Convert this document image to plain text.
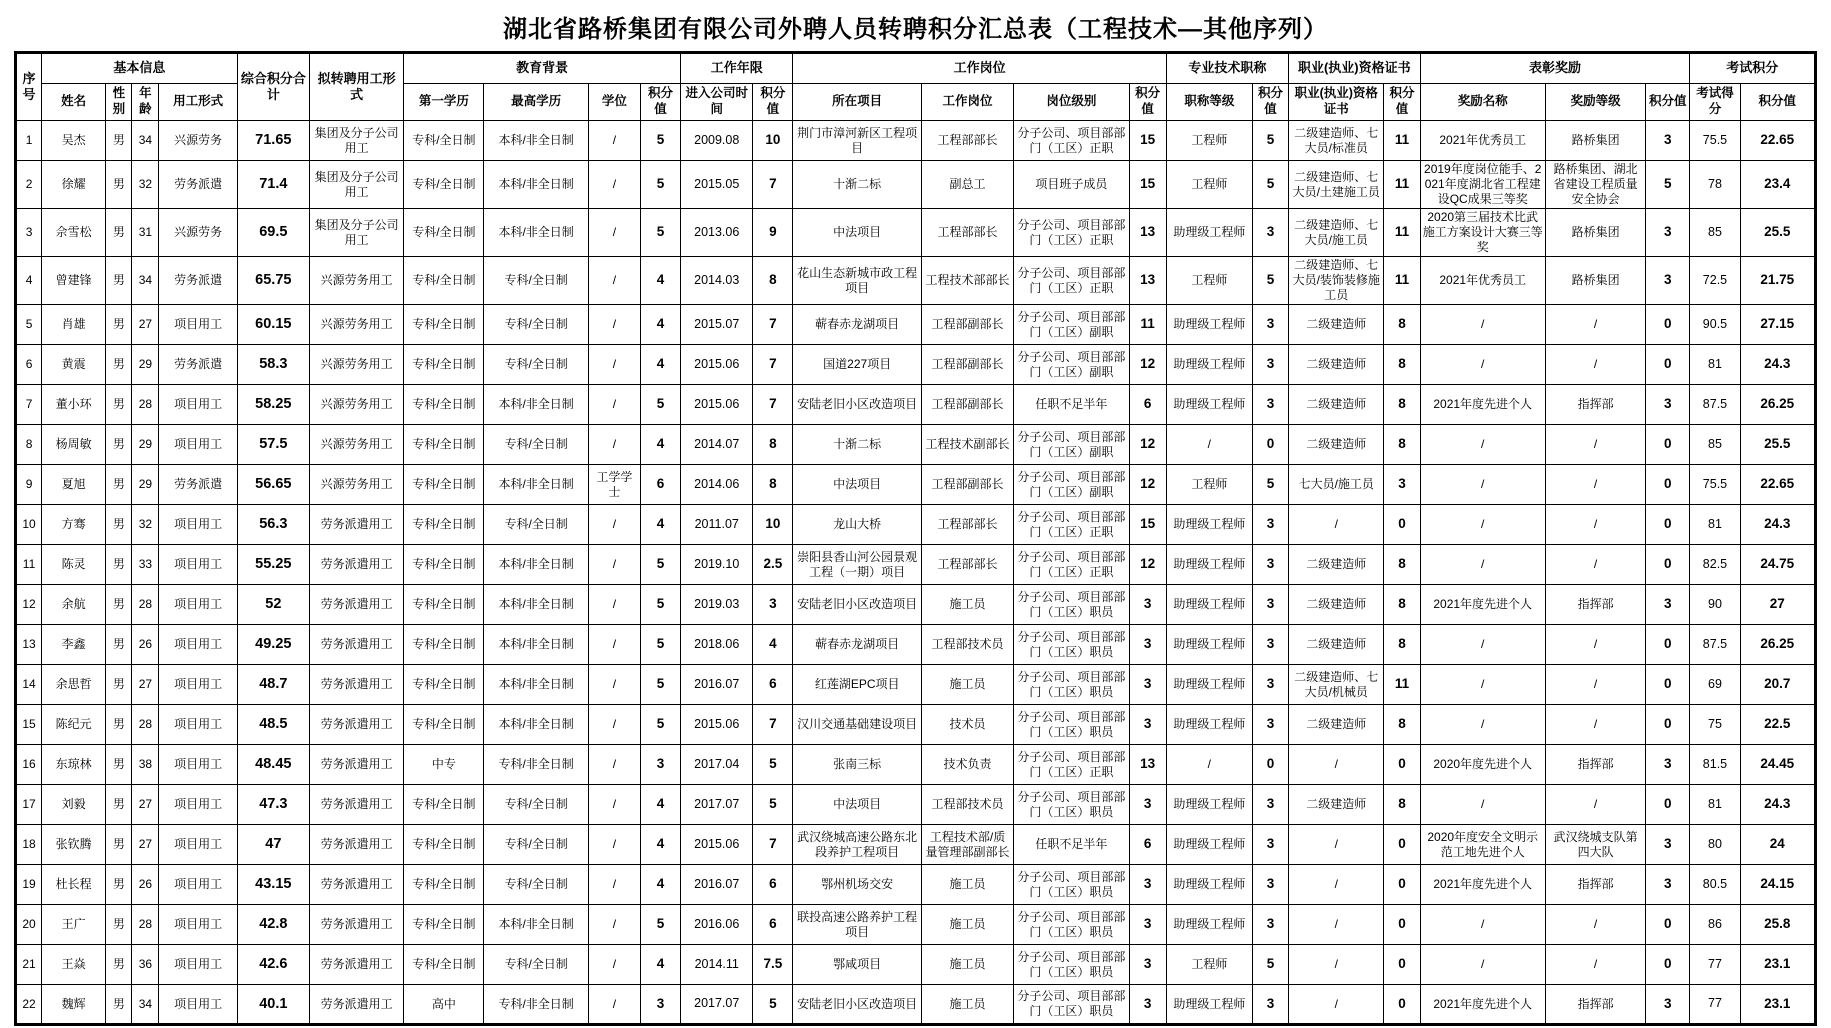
湖北省路桥集团有限公司外聘人员转聘积分汇总表（工程技术—其他序列）
序号	基本信息				综合积分合计	拟转聘用工形式	教育背景				工作年限		工作岗位				专业技术职称		职业(执业)资格证书		表彰奖励			考试积分	
	姓名	性别	年龄	用工形式			第一学历	最高学历	学位	积分值	进入公司时间	积分值	所在项目	工作岗位	岗位级别	积分值	职称等级	积分值	职业(执业)资格证书	积分值	奖励名称	奖励等级	积分值	考试得分	积分值
1	吴杰	男	34	兴源劳务	71.65	集团及分子公司用工	专科/全日制	本科/非全日制	/	5	2009.08	10	荆门市漳河新区工程项目	工程部部长	分子公司、项目部部门（工区）正职	15	工程师	5	二级建造师、七大员/标准员	11	2021年优秀员工	路桥集团	3	75.5	22.65
2	徐耀	男	32	劳务派遣	71.4	集团及分子公司用工	专科/全日制	本科/非全日制	/	5	2015.05	7	十渐二标	副总工	项目班子成员	15	工程师	5	二级建造师、七大员/土建施工员	11	2019年度岗位能手、2021年度湖北省工程建设QC成果三等奖	路桥集团、湖北省建设工程质量安全协会	5	78	23.4
3	佘雪松	男	31	兴源劳务	69.5	集团及分子公司用工	专科/全日制	本科/非全日制	/	5	2013.06	9	中法项目	工程部部长	分子公司、项目部部门（工区）正职	13	助理级工程师	3	二级建造师、七大员/施工员	11	2020第三届技术比武施工方案设计大赛三等奖	路桥集团	3	85	25.5
4	曾建锋	男	34	劳务派遣	65.75	兴源劳务用工	专科/全日制	专科/全日制	/	4	2014.03	8	花山生态新城市政工程项目	工程技术部部长	分子公司、项目部部门（工区）正职	13	工程师	5	二级建造师、七大员/装饰装修施工员	11	2021年优秀员工	路桥集团	3	72.5	21.75
5	肖雄	男	27	项目用工	60.15	兴源劳务用工	专科/全日制	专科/全日制	/	4	2015.07	7	蕲春赤龙湖项目	工程部副部长	分子公司、项目部部门（工区）副职	11	助理级工程师	3	二级建造师	8	/	/	0	90.5	27.15
6	黄震	男	29	劳务派遣	58.3	兴源劳务用工	专科/全日制	专科/全日制	/	4	2015.06	7	国道227项目	工程部副部长	分子公司、项目部部门（工区）副职	12	助理级工程师	3	二级建造师	8	/	/	0	81	24.3
7	董小环	男	28	项目用工	58.25	兴源劳务用工	专科/全日制	本科/非全日制	/	5	2015.06	7	安陆老旧小区改造项目	工程部副部长	任职不足半年	6	助理级工程师	3	二级建造师	8	2021年度先进个人	指挥部	3	87.5	26.25
8	杨周敏	男	29	项目用工	57.5	兴源劳务用工	专科/全日制	专科/全日制	/	4	2014.07	8	十渐二标	工程技术副部长	分子公司、项目部部门（工区）副职	12	/	0	二级建造师	8	/	/	0	85	25.5
9	夏旭	男	29	劳务派遣	56.65	兴源劳务用工	专科/全日制	本科/非全日制	工学学士	6	2014.06	8	中法项目	工程部副部长	分子公司、项目部部门（工区）副职	12	工程师	5	七大员/施工员	3	/	/	0	75.5	22.65
10	方骞	男	32	项目用工	56.3	劳务派遣用工	专科/全日制	专科/全日制	/	4	2011.07	10	龙山大桥	工程部部长	分子公司、项目部部门（工区）正职	15	助理级工程师	3	/	0	/	/	0	81	24.3
11	陈灵	男	33	项目用工	55.25	劳务派遣用工	专科/全日制	本科/非全日制	/	5	2019.10	2.5	崇阳县香山河公园景观工程（一期）项目	工程部部长	分子公司、项目部部门（工区）正职	12	助理级工程师	3	二级建造师	8	/	/	0	82.5	24.75
12	余航	男	28	项目用工	52	劳务派遣用工	专科/全日制	本科/非全日制	/	5	2019.03	3	安陆老旧小区改造项目	施工员	分子公司、项目部部门（工区）职员	3	助理级工程师	3	二级建造师	8	2021年度先进个人	指挥部	3	90	27
13	李鑫	男	26	项目用工	49.25	劳务派遣用工	专科/全日制	本科/非全日制	/	5	2018.06	4	蕲春赤龙湖项目	工程部技术员	分子公司、项目部部门（工区）职员	3	助理级工程师	3	二级建造师	8	/	/	0	87.5	26.25
14	余思哲	男	27	项目用工	48.7	劳务派遣用工	专科/全日制	本科/非全日制	/	5	2016.07	6	红莲湖EPC项目	施工员	分子公司、项目部部门（工区）职员	3	助理级工程师	3	二级建造师、七大员/机械员	11	/	/	0	69	20.7
15	陈纪元	男	28	项目用工	48.5	劳务派遣用工	专科/全日制	本科/非全日制	/	5	2015.06	7	汉川交通基础建设项目	技术员	分子公司、项目部部门（工区）职员	3	助理级工程师	3	二级建造师	8	/	/	0	75	22.5
16	东琼林	男	38	项目用工	48.45	劳务派遣用工	中专	专科/非全日制	/	3	2017.04	5	张南三标	技术负责	分子公司、项目部部门（工区）正职	13	/	0	/	0	2020年度先进个人	指挥部	3	81.5	24.45
17	刘毅	男	27	项目用工	47.3	劳务派遣用工	专科/全日制	专科/全日制	/	4	2017.07	5	中法项目	工程部技术员	分子公司、项目部部门（工区）职员	3	助理级工程师	3	二级建造师	8	/	/	0	81	24.3
18	张钦腾	男	27	项目用工	47	劳务派遣用工	专科/全日制	专科/全日制	/	4	2015.06	7	武汉绕城高速公路东北段养护工程项目	工程技术部/质量管理部副部长	任职不足半年	6	助理级工程师	3	/	0	2020年度安全文明示范工地先进个人	武汉绕城支队第四大队	3	80	24
19	杜长程	男	26	项目用工	43.15	劳务派遣用工	专科/全日制	专科/全日制	/	4	2016.07	6	鄂州机场交安	施工员	分子公司、项目部部门（工区）职员	3	助理级工程师	3	/	0	2021年度先进个人	指挥部	3	80.5	24.15
20	王广	男	28	项目用工	42.8	劳务派遣用工	专科/全日制	本科/非全日制	/	5	2016.06	6	联投高速公路养护工程项目	施工员	分子公司、项目部部门（工区）职员	3	助理级工程师	3	/	0	/	/	0	86	25.8
21	王焱	男	36	项目用工	42.6	劳务派遣用工	专科/全日制	专科/全日制	/	4	2014.11	7.5	鄂咸项目	施工员	分子公司、项目部部门（工区）职员	3	工程师	5	/	0	/	/	0	77	23.1
22	魏辉	男	34	项目用工	40.1	劳务派遣用工	高中	专科/非全日制	/	3	2017.07	5	安陆老旧小区改造项目	施工员	分子公司、项目部部门（工区）职员	3	助理级工程师	3	/	0	2021年度先进个人	指挥部	3	77	23.1
